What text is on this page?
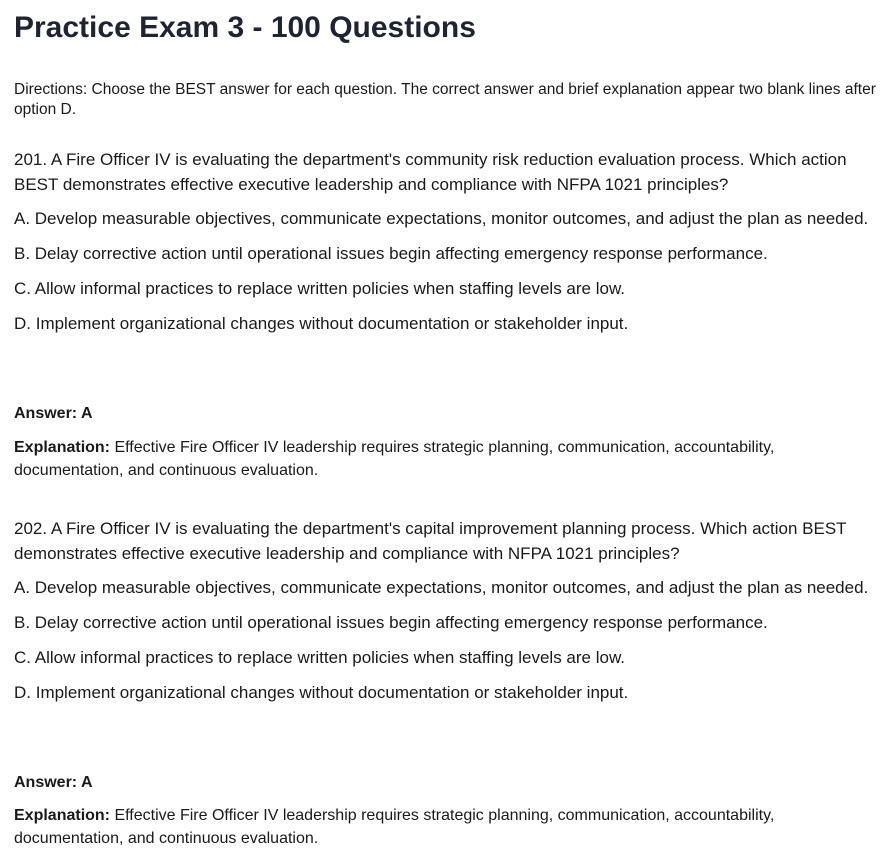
Practice Exam 3 - 100 Questions
Directions: Choose the BEST answer for each question. The correct answer and brief explanation appear two blank lines after option D.
201. A Fire Officer IV is evaluating the department's community risk reduction evaluation process. Which action BEST demonstrates effective executive leadership and compliance with NFPA 1021 principles?
A. Develop measurable objectives, communicate expectations, monitor outcomes, and adjust the plan as needed.
B. Delay corrective action until operational issues begin affecting emergency response performance.
C. Allow informal practices to replace written policies when staffing levels are low.
D. Implement organizational changes without documentation or stakeholder input.
Answer: A
Explanation: Effective Fire Officer IV leadership requires strategic planning, communication, accountability, documentation, and continuous evaluation.
202. A Fire Officer IV is evaluating the department's capital improvement planning process. Which action BEST demonstrates effective executive leadership and compliance with NFPA 1021 principles?
A. Develop measurable objectives, communicate expectations, monitor outcomes, and adjust the plan as needed.
B. Delay corrective action until operational issues begin affecting emergency response performance.
C. Allow informal practices to replace written policies when staffing levels are low.
D. Implement organizational changes without documentation or stakeholder input.
Answer: A
Explanation: Effective Fire Officer IV leadership requires strategic planning, communication, accountability, documentation, and continuous evaluation.
